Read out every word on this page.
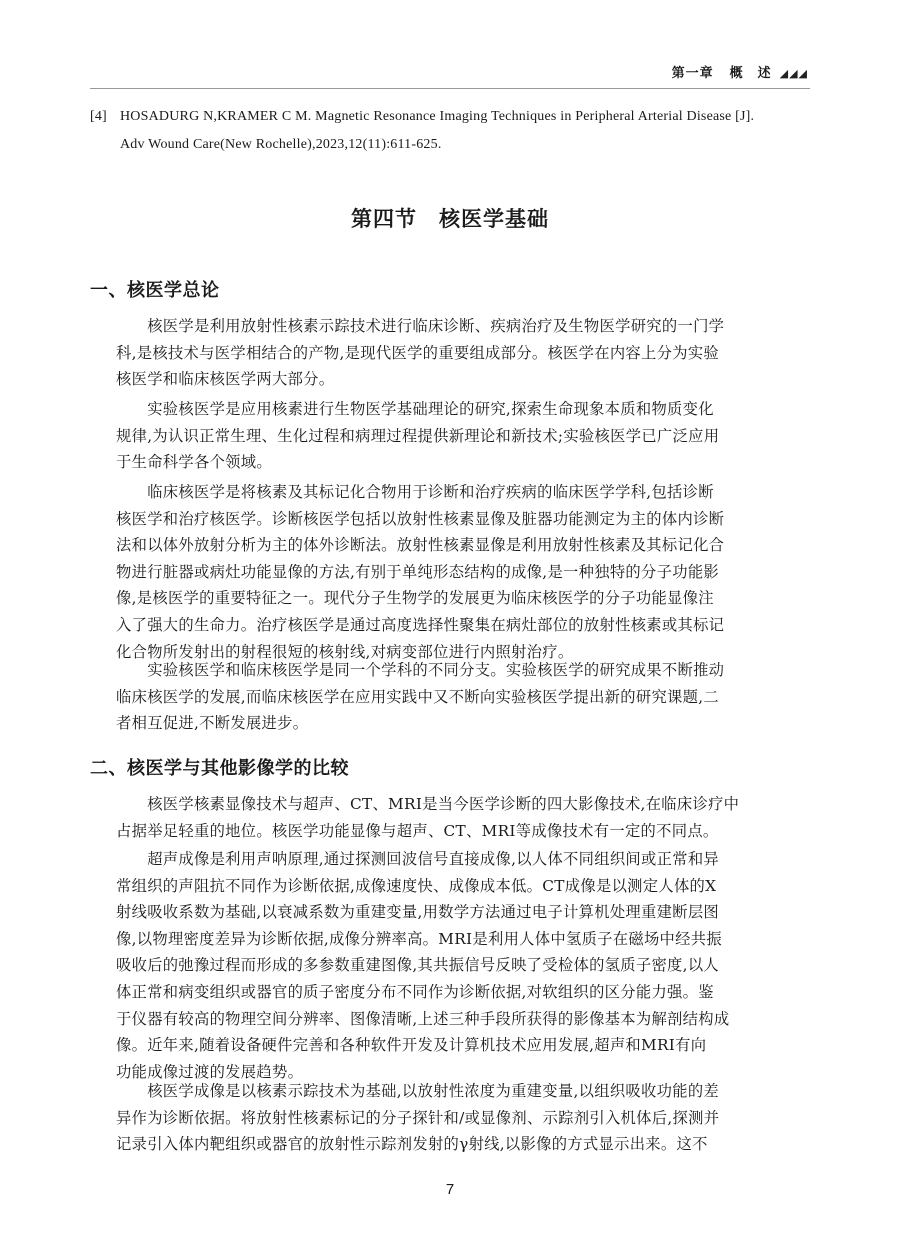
第一章 概　述 ◢◢◢
[4] HOSADURG N,KRAMER C M. Magnetic Resonance Imaging Techniques in Peripheral Arterial Disease [J].
Adv Wound Care(New Rochelle),2023,12(11):611-625.
第四节 核医学基础
一、核医学总论
　　核医学是利用放射性核素示踪技术进行临床诊断、疾病治疗及生物医学研究的一门学
科,是核技术与医学相结合的产物,是现代医学的重要组成部分。核医学在内容上分为实验
核医学和临床核医学两大部分。
　　实验核医学是应用核素进行生物医学基础理论的研究,探索生命现象本质和物质变化
规律,为认识正常生理、生化过程和病理过程提供新理论和新技术;实验核医学已广泛应用
于生命科学各个领域。
　　临床核医学是将核素及其标记化合物用于诊断和治疗疾病的临床医学学科,包括诊断
核医学和治疗核医学。诊断核医学包括以放射性核素显像及脏器功能测定为主的体内诊断
法和以体外放射分析为主的体外诊断法。放射性核素显像是利用放射性核素及其标记化合
物进行脏器或病灶功能显像的方法,有别于单纯形态结构的成像,是一种独特的分子功能影
像,是核医学的重要特征之一。现代分子生物学的发展更为临床核医学的分子功能显像注
入了强大的生命力。治疗核医学是通过高度选择性聚集在病灶部位的放射性核素或其标记
化合物所发射出的射程很短的核射线,对病变部位进行内照射治疗。
　　实验核医学和临床核医学是同一个学科的不同分支。实验核医学的研究成果不断推动
临床核医学的发展,而临床核医学在应用实践中又不断向实验核医学提出新的研究课题,二
者相互促进,不断发展进步。
二、核医学与其他影像学的比较
　　核医学核素显像技术与超声、CT、MRI是当今医学诊断的四大影像技术,在临床诊疗中
占据举足轻重的地位。核医学功能显像与超声、CT、MRI等成像技术有一定的不同点。
　　超声成像是利用声呐原理,通过探测回波信号直接成像,以人体不同组织间或正常和异
常组织的声阻抗不同作为诊断依据,成像速度快、成像成本低。CT成像是以测定人体的X
射线吸收系数为基础,以衰减系数为重建变量,用数学方法通过电子计算机处理重建断层图
像,以物理密度差异为诊断依据,成像分辨率高。MRI是利用人体中氢质子在磁场中经共振
吸收后的弛豫过程而形成的多参数重建图像,其共振信号反映了受检体的氢质子密度,以人
体正常和病变组织或器官的质子密度分布不同作为诊断依据,对软组织的区分能力强。鉴
于仪器有较高的物理空间分辨率、图像清晰,上述三种手段所获得的影像基本为解剖结构成
像。近年来,随着设备硬件完善和各种软件开发及计算机技术应用发展,超声和MRI有向
功能成像过渡的发展趋势。
　　核医学成像是以核素示踪技术为基础,以放射性浓度为重建变量,以组织吸收功能的差
异作为诊断依据。将放射性核素标记的分子探针和/或显像剂、示踪剂引入机体后,探测并
记录引入体内靶组织或器官的放射性示踪剂发射的γ射线,以影像的方式显示出来。这不
7
